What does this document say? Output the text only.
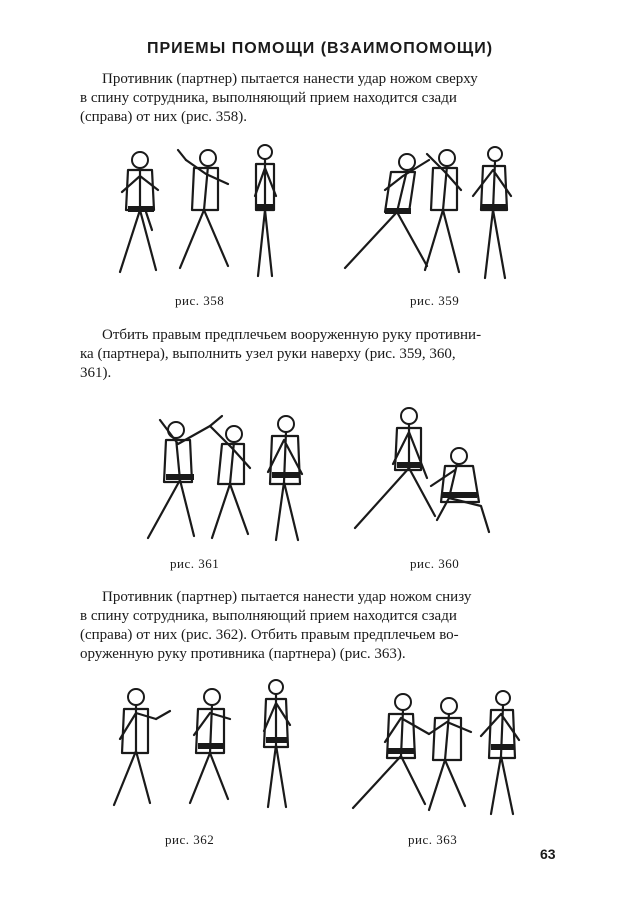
ПРИЕМЫ ПОМОЩИ (ВЗАИМОПОМОЩИ)
Противник (партнер) пытается нанести удар ножом сверху
в спину сотрудника, выполняющий прием находится сзади
(справа) от них (рис. 358).
рис. 358	рис. 359
Отбить правым предплечьем вооруженную руку противни-
ка (партнера), выполнить узел руки наверху (рис. 359, 360,
361).
рис. 361	рис. 360
Противник (партнер) пытается нанести удар ножом снизу
в спину сотрудника, выполняющий прием находится сзади
(справа) от них (рис. 362). Отбить правым предплечьем во-
оруженную руку противника (партнера) (рис. 363).
рис. 362	рис. 363
63
